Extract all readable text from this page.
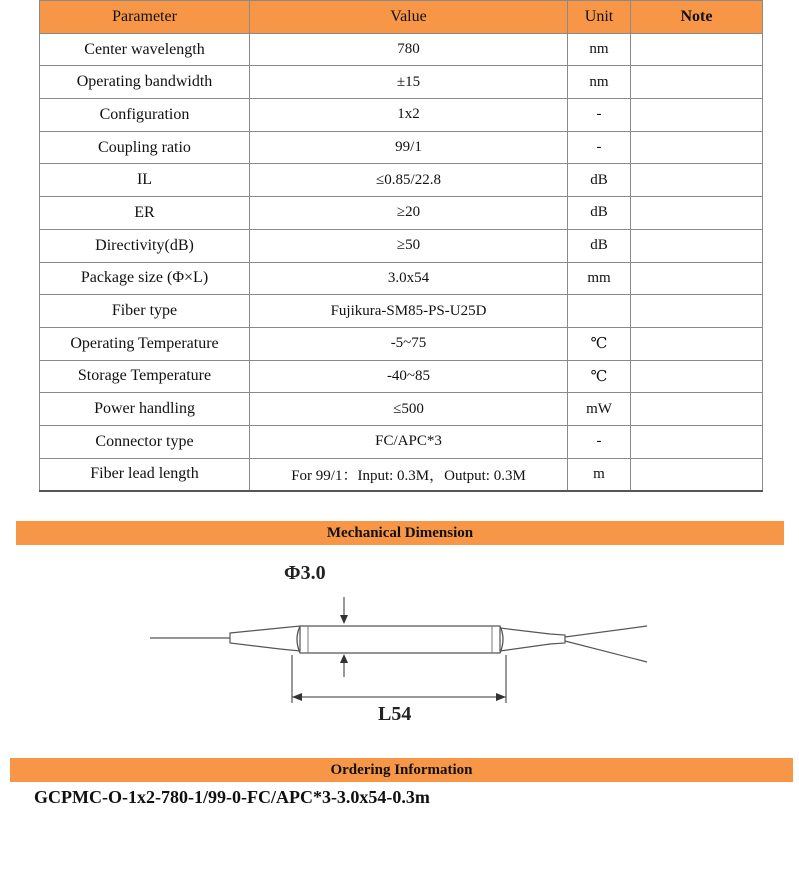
Parameter	Value	Unit	Note
Center wavelength	780	nm	
Operating bandwidth	±15	nm	
Configuration	1x2	-	
Coupling ratio	99/1	-	
IL	≤0.85/22.8	dB	
ER	≥20	dB	
Directivity(dB)	≥50	dB	
Package size (Φ×L)	3.0x54	mm	
Fiber type	Fujikura-SM85-PS-U25D		
Operating Temperature	-5~75	℃	
Storage Temperature	-40~85	℃	
Power handling	≤500	mW	
Connector type	FC/APC*3	-	
Fiber lead length	For 99/1：Input: 0.3M，Output: 0.3M	m	
Mechanical Dimension
Φ3.0
L54
Ordering Information
GCPMC-O-1x2-780-1/99-0-FC/APC*3-3.0x54-0.3m
